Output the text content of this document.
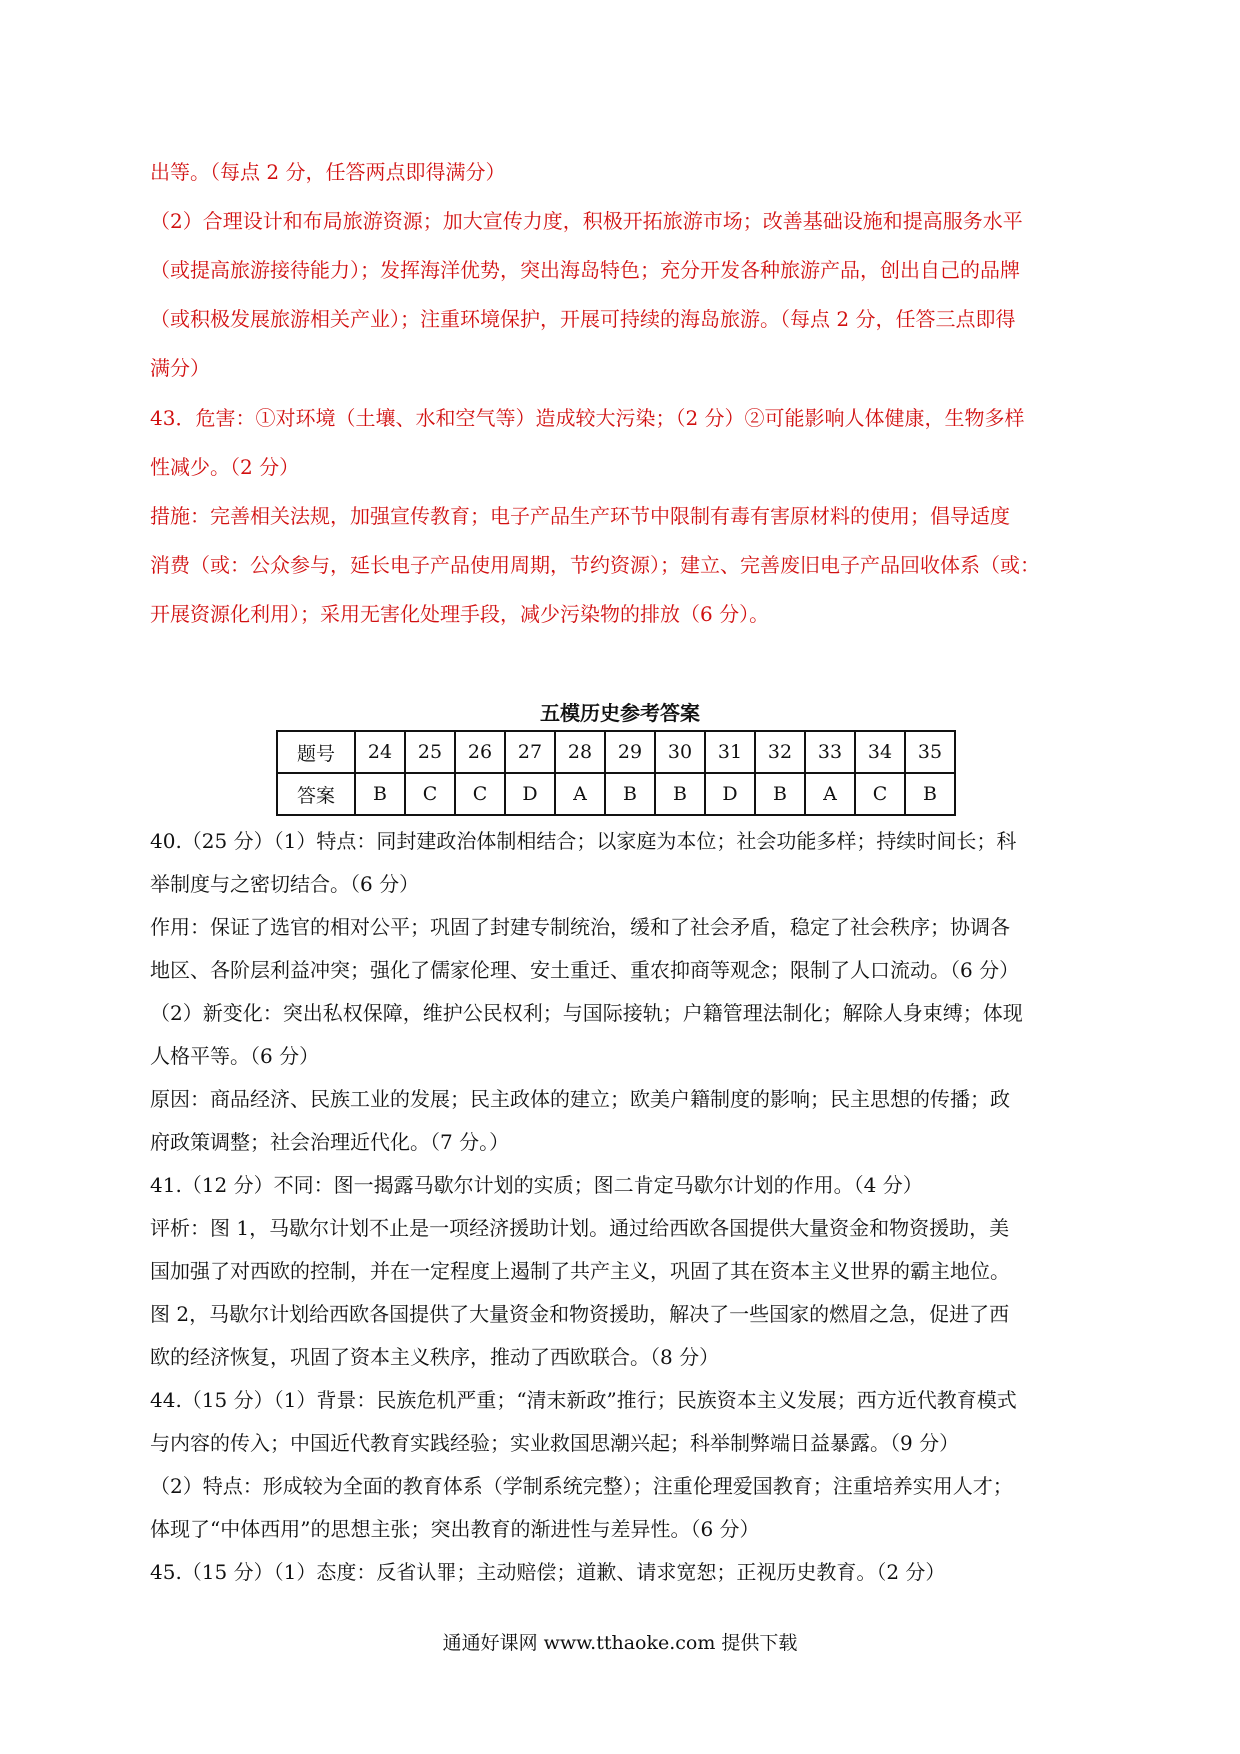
出等。（每点 2 分，任答两点即得满分）
（2）合理设计和布局旅游资源；加大宣传力度，积极开拓旅游市场；改善基础设施和提高服务水平
（或提高旅游接待能力）；发挥海洋优势，突出海岛特色；充分开发各种旅游产品，创出自己的品牌
（或积极发展旅游相关产业）；注重环境保护，开展可持续的海岛旅游。（每点 2 分，任答三点即得
满分）
43．危害：①对环境（土壤、水和空气等）造成较大污染；（2 分）②可能影响人体健康，生物多样
性减少。（2 分）
措施：完善相关法规，加强宣传教育；电子产品生产环节中限制有毒有害原材料的使用；倡导适度
消费（或：公众参与，延长电子产品使用周期，节约资源）；建立、完善废旧电子产品回收体系（或：
开展资源化利用）；采用无害化处理手段，减少污染物的排放（6 分）。
五模历史参考答案
题号	24	25	26	27	28	29	30	31	32	33	34	35
答案	B	C	C	D	A	B	B	D	B	A	C	B
40.（25 分）（1）特点：同封建政治体制相结合；以家庭为本位；社会功能多样；持续时间长；科
举制度与之密切结合。（6 分）
作用：保证了选官的相对公平；巩固了封建专制统治，缓和了社会矛盾，稳定了社会秩序；协调各
地区、各阶层利益冲突；强化了儒家伦理、安土重迁、重农抑商等观念；限制了人口流动。（6 分）
（2）新变化：突出私权保障，维护公民权利；与国际接轨；户籍管理法制化；解除人身束缚；体现
人格平等。（6 分）
原因：商品经济、民族工业的发展；民主政体的建立；欧美户籍制度的影响；民主思想的传播；政
府政策调整；社会治理近代化。（7 分。）
41.（12 分）不同：图一揭露马歇尔计划的实质；图二肯定马歇尔计划的作用。（4 分）
评析：图 1，马歇尔计划不止是一项经济援助计划。通过给西欧各国提供大量资金和物资援助，美
国加强了对西欧的控制，并在一定程度上遏制了共产主义，巩固了其在资本主义世界的霸主地位。
图 2，马歇尔计划给西欧各国提供了大量资金和物资援助，解决了一些国家的燃眉之急，促进了西
欧的经济恢复，巩固了资本主义秩序，推动了西欧联合。（8 分）
44.（15 分）（1）背景：民族危机严重；“清末新政”推行；民族资本主义发展；西方近代教育模式
与内容的传入；中国近代教育实践经验；实业救国思潮兴起；科举制弊端日益暴露。（9 分）
（2）特点：形成较为全面的教育体系（学制系统完整）；注重伦理爱国教育；注重培养实用人才；
体现了“中体西用”的思想主张；突出教育的渐进性与差异性。（6 分）
45.（15 分）（1）态度：反省认罪；主动赔偿；道歉、请求宽恕；正视历史教育。（2 分）
通通好课网 www.tthaoke.com 提供下载
